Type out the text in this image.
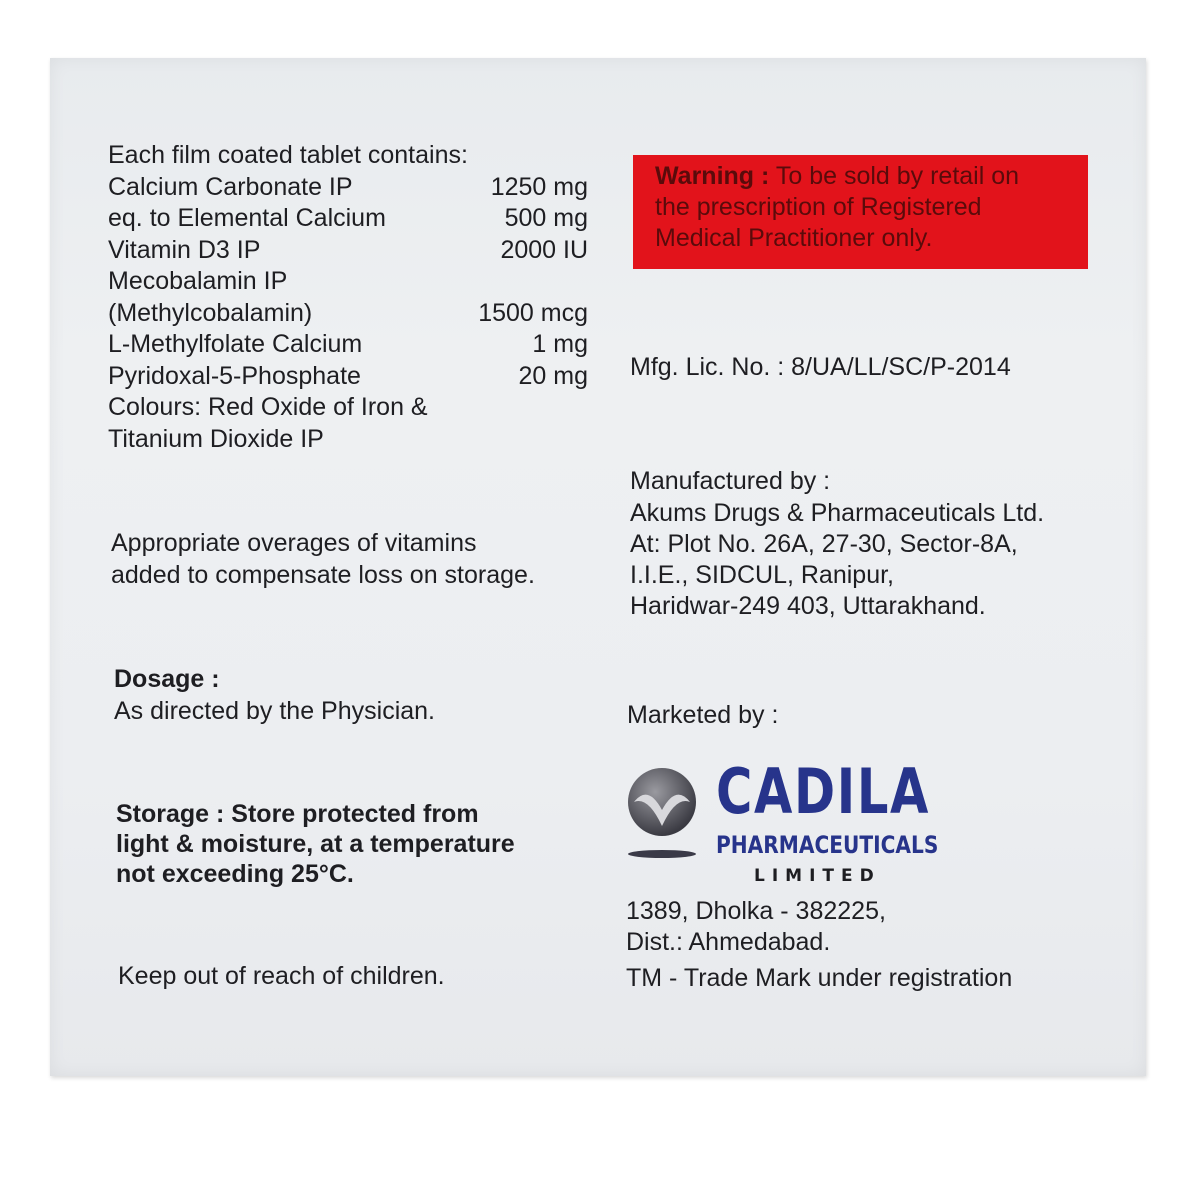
Each film coated tablet contains:
Calcium Carbonate IP	1250 mg
eq. to Elemental Calcium	500 mg
Vitamin D3 IP	2000 IU
Mecobalamin IP
(Methylcobalamin)	1500 mcg
L-Methylfolate Calcium	1 mg
Pyridoxal-5-Phosphate	20 mg
Colours: Red Oxide of Iron &
Titanium Dioxide IP
Appropriate overages of vitamins
added to compensate loss on storage.
Dosage :
As directed by the Physician.
Storage : Store protected from
light & moisture, at a temperature
not exceeding 25°C.
Keep out of reach of children.
Warning : To be sold by retail on
the prescription of Registered
Medical Practitioner only.
Mfg. Lic. No. : 8/UA/LL/SC/P-2014
Manufactured by :
Akums Drugs & Pharmaceuticals Ltd.
At: Plot No. 26A, 27-30, Sector-8A,
I.I.E., SIDCUL, Ranipur,
Haridwar-249 403, Uttarakhand.
Marketed by :
CADILA
PHARMACEUTICALS
LIMITED
1389, Dholka - 382225,
Dist.: Ahmedabad.
TM - Trade Mark under registration
